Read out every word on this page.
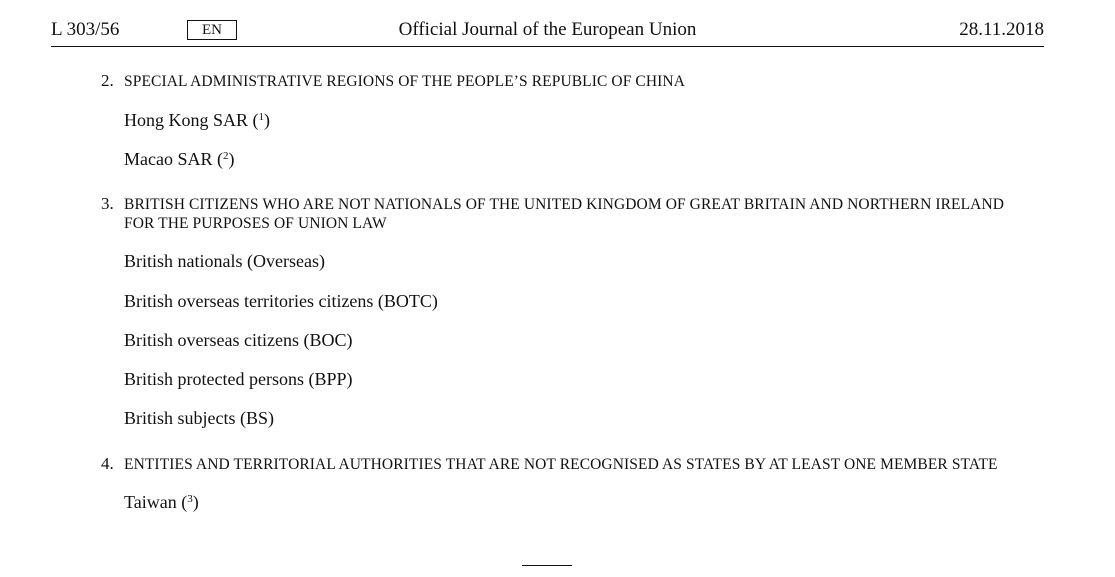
L 303/56	EN	Official Journal of the European Union	28.11.2018
2. SPECIAL ADMINISTRATIVE REGIONS OF THE PEOPLE’S REPUBLIC OF CHINA
Hong Kong SAR ($^1$)
Macao SAR ($^2$)
3. BRITISH CITIZENS WHO ARE NOT NATIONALS OF THE UNITED KINGDOM OF GREAT BRITAIN AND NORTHERN IRELAND
FOR THE PURPOSES OF UNION LAW
British nationals (Overseas)
British overseas territories citizens (BOTC)
British overseas citizens (BOC)
British protected persons (BPP)
British subjects (BS)
4. ENTITIES AND TERRITORIAL AUTHORITIES THAT ARE NOT RECOGNISED AS STATES BY AT LEAST ONE MEMBER STATE
Taiwan ($^3$)
